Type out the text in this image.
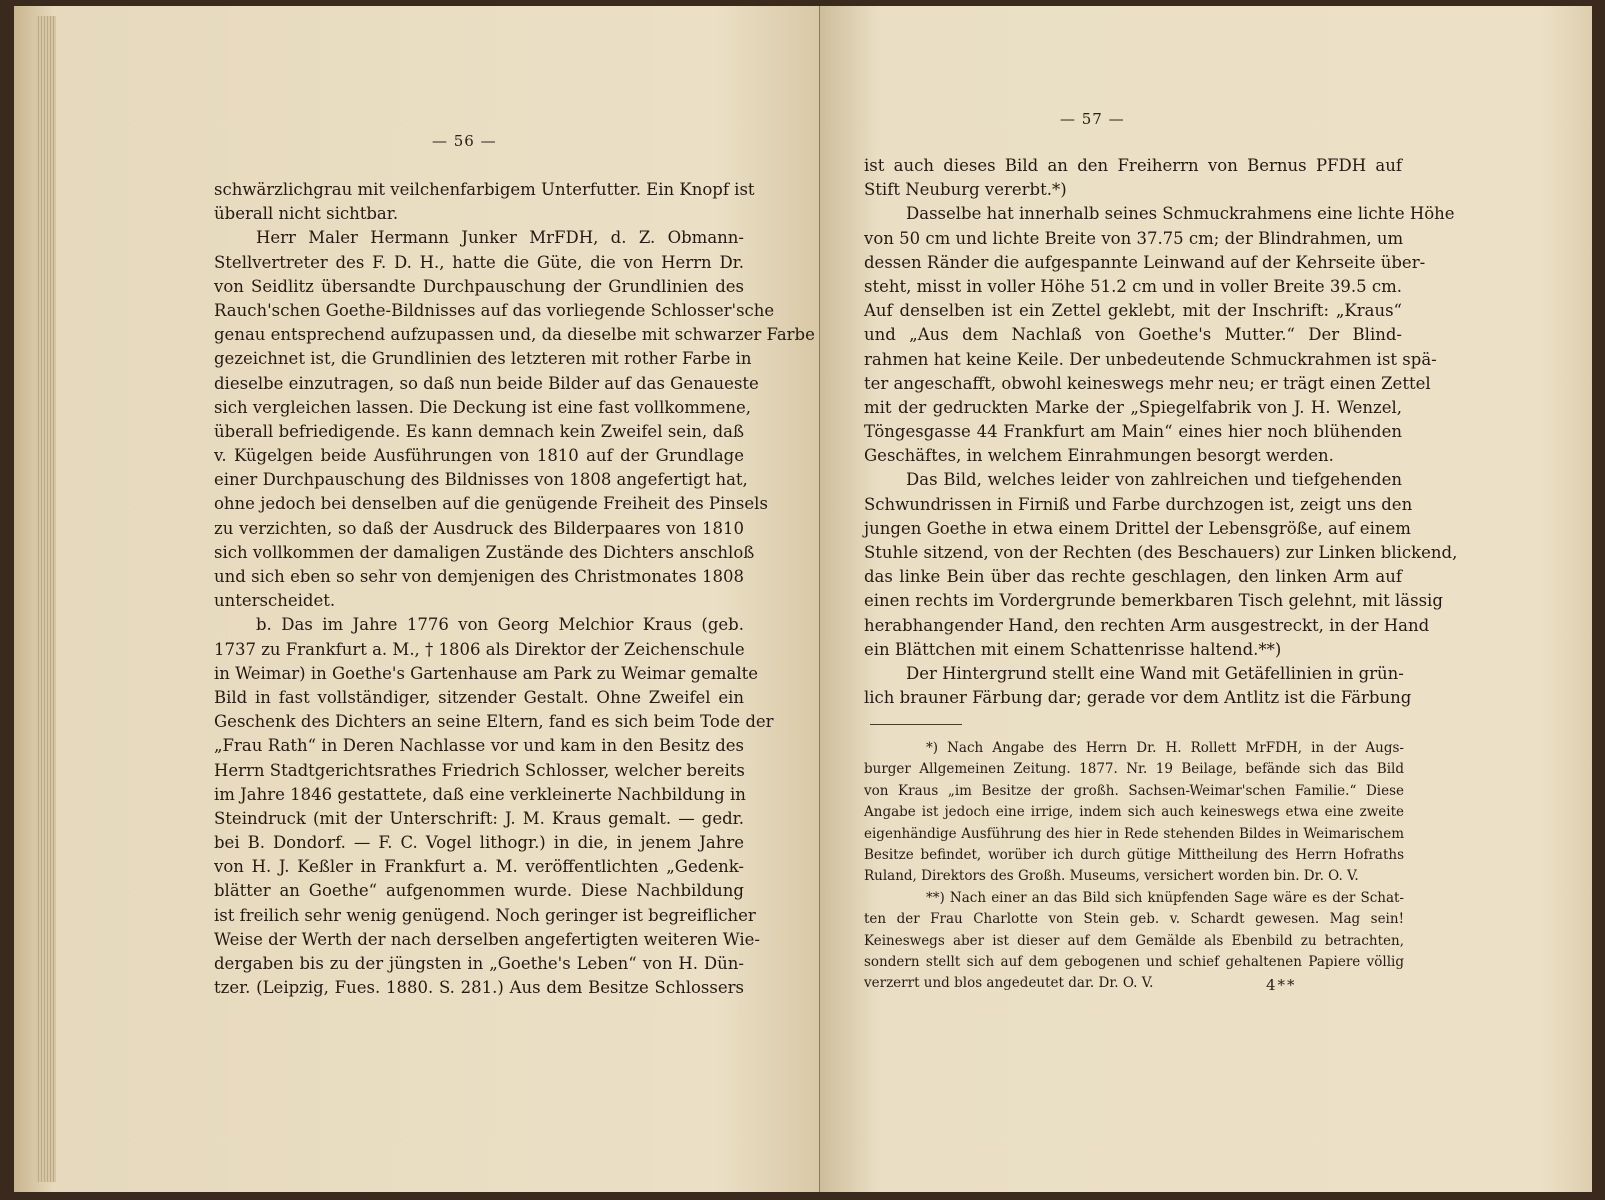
— 56 —
schwärzlichgrau mit veilchenfarbigem Unterfutter. Ein Knopf ist
überall nicht sichtbar.
Herr Maler Hermann Junker MrFDH, d. Z. Obmann-
Stellvertreter des F. D. H., hatte die Güte, die von Herrn Dr.
von Seidlitz übersandte Durchpauschung der Grundlinien des
Rauch'schen Goethe-Bildnisses auf das vorliegende Schlosser'sche
genau entsprechend aufzupassen und, da dieselbe mit schwarzer Farbe
gezeichnet ist, die Grundlinien des letzteren mit rother Farbe in
dieselbe einzutragen, so daß nun beide Bilder auf das Genaueste
sich vergleichen lassen. Die Deckung ist eine fast vollkommene,
überall befriedigende. Es kann demnach kein Zweifel sein, daß
v. Kügelgen beide Ausführungen von 1810 auf der Grundlage
einer Durchpauschung des Bildnisses von 1808 angefertigt hat,
ohne jedoch bei denselben auf die genügende Freiheit des Pinsels
zu verzichten, so daß der Ausdruck des Bilderpaares von 1810
sich vollkommen der damaligen Zustände des Dichters anschloß
und sich eben so sehr von demjenigen des Christmonates 1808
unterscheidet.
b. Das im Jahre 1776 von Georg Melchior Kraus (geb.
1737 zu Frankfurt a. M., † 1806 als Direktor der Zeichenschule
in Weimar) in Goethe's Gartenhause am Park zu Weimar gemalte
Bild in fast vollständiger, sitzender Gestalt. Ohne Zweifel ein
Geschenk des Dichters an seine Eltern, fand es sich beim Tode der
„Frau Rath“ in Deren Nachlasse vor und kam in den Besitz des
Herrn Stadtgerichtsrathes Friedrich Schlosser, welcher bereits
im Jahre 1846 gestattete, daß eine verkleinerte Nachbildung in
Steindruck (mit der Unterschrift: J. M. Kraus gemalt. — gedr.
bei B. Dondorf. — F. C. Vogel lithogr.) in die, in jenem Jahre
von H. J. Keßler in Frankfurt a. M. veröffentlichten „Gedenk-
blätter an Goethe“ aufgenommen wurde. Diese Nachbildung
ist freilich sehr wenig genügend. Noch geringer ist begreiflicher
Weise der Werth der nach derselben angefertigten weiteren Wie-
dergaben bis zu der jüngsten in „Goethe's Leben“ von H. Dün-
tzer. (Leipzig, Fues. 1880. S. 281.) Aus dem Besitze Schlossers
— 57 —
ist auch dieses Bild an den Freiherrn von Bernus PFDH auf
Stift Neuburg vererbt.*)
Dasselbe hat innerhalb seines Schmuckrahmens eine lichte Höhe
von 50 cm und lichte Breite von 37.75 cm; der Blindrahmen, um
dessen Ränder die aufgespannte Leinwand auf der Kehrseite über-
steht, misst in voller Höhe 51.2 cm und in voller Breite 39.5 cm.
Auf denselben ist ein Zettel geklebt, mit der Inschrift: „Kraus“
und „Aus dem Nachlaß von Goethe's Mutter.“ Der Blind-
rahmen hat keine Keile. Der unbedeutende Schmuckrahmen ist spä-
ter angeschafft, obwohl keineswegs mehr neu; er trägt einen Zettel
mit der gedruckten Marke der „Spiegelfabrik von J. H. Wenzel,
Töngesgasse 44 Frankfurt am Main“ eines hier noch blühenden
Geschäftes, in welchem Einrahmungen besorgt werden.
Das Bild, welches leider von zahlreichen und tiefgehenden
Schwundrissen in Firniß und Farbe durchzogen ist, zeigt uns den
jungen Goethe in etwa einem Drittel der Lebensgröße, auf einem
Stuhle sitzend, von der Rechten (des Beschauers) zur Linken blickend,
das linke Bein über das rechte geschlagen, den linken Arm auf
einen rechts im Vordergrunde bemerkbaren Tisch gelehnt, mit lässig
herabhangender Hand, den rechten Arm ausgestreckt, in der Hand
ein Blättchen mit einem Schattenrisse haltend.**)
Der Hintergrund stellt eine Wand mit Getäfellinien in grün-
lich brauner Färbung dar; gerade vor dem Antlitz ist die Färbung
*) Nach Angabe des Herrn Dr. H. Rollett MrFDH, in der Augs-
burger Allgemeinen Zeitung. 1877. Nr. 19 Beilage, befände sich das Bild
von Kraus „im Besitze der großh. Sachsen-Weimar'schen Familie.“ Diese
Angabe ist jedoch eine irrige, indem sich auch keineswegs etwa eine zweite
eigenhändige Ausführung des hier in Rede stehenden Bildes in Weimarischem
Besitze befindet, worüber ich durch gütige Mittheilung des Herrn Hofraths
Ruland, Direktors des Großh. Museums, versichert worden bin. Dr. O. V.
**) Nach einer an das Bild sich knüpfenden Sage wäre es der Schat-
ten der Frau Charlotte von Stein geb. v. Schardt gewesen. Mag sein!
Keineswegs aber ist dieser auf dem Gemälde als Ebenbild zu betrachten,
sondern stellt sich auf dem gebogenen und schief gehaltenen Papiere völlig
verzerrt und blos angedeutet dar. Dr. O. V.	4**
